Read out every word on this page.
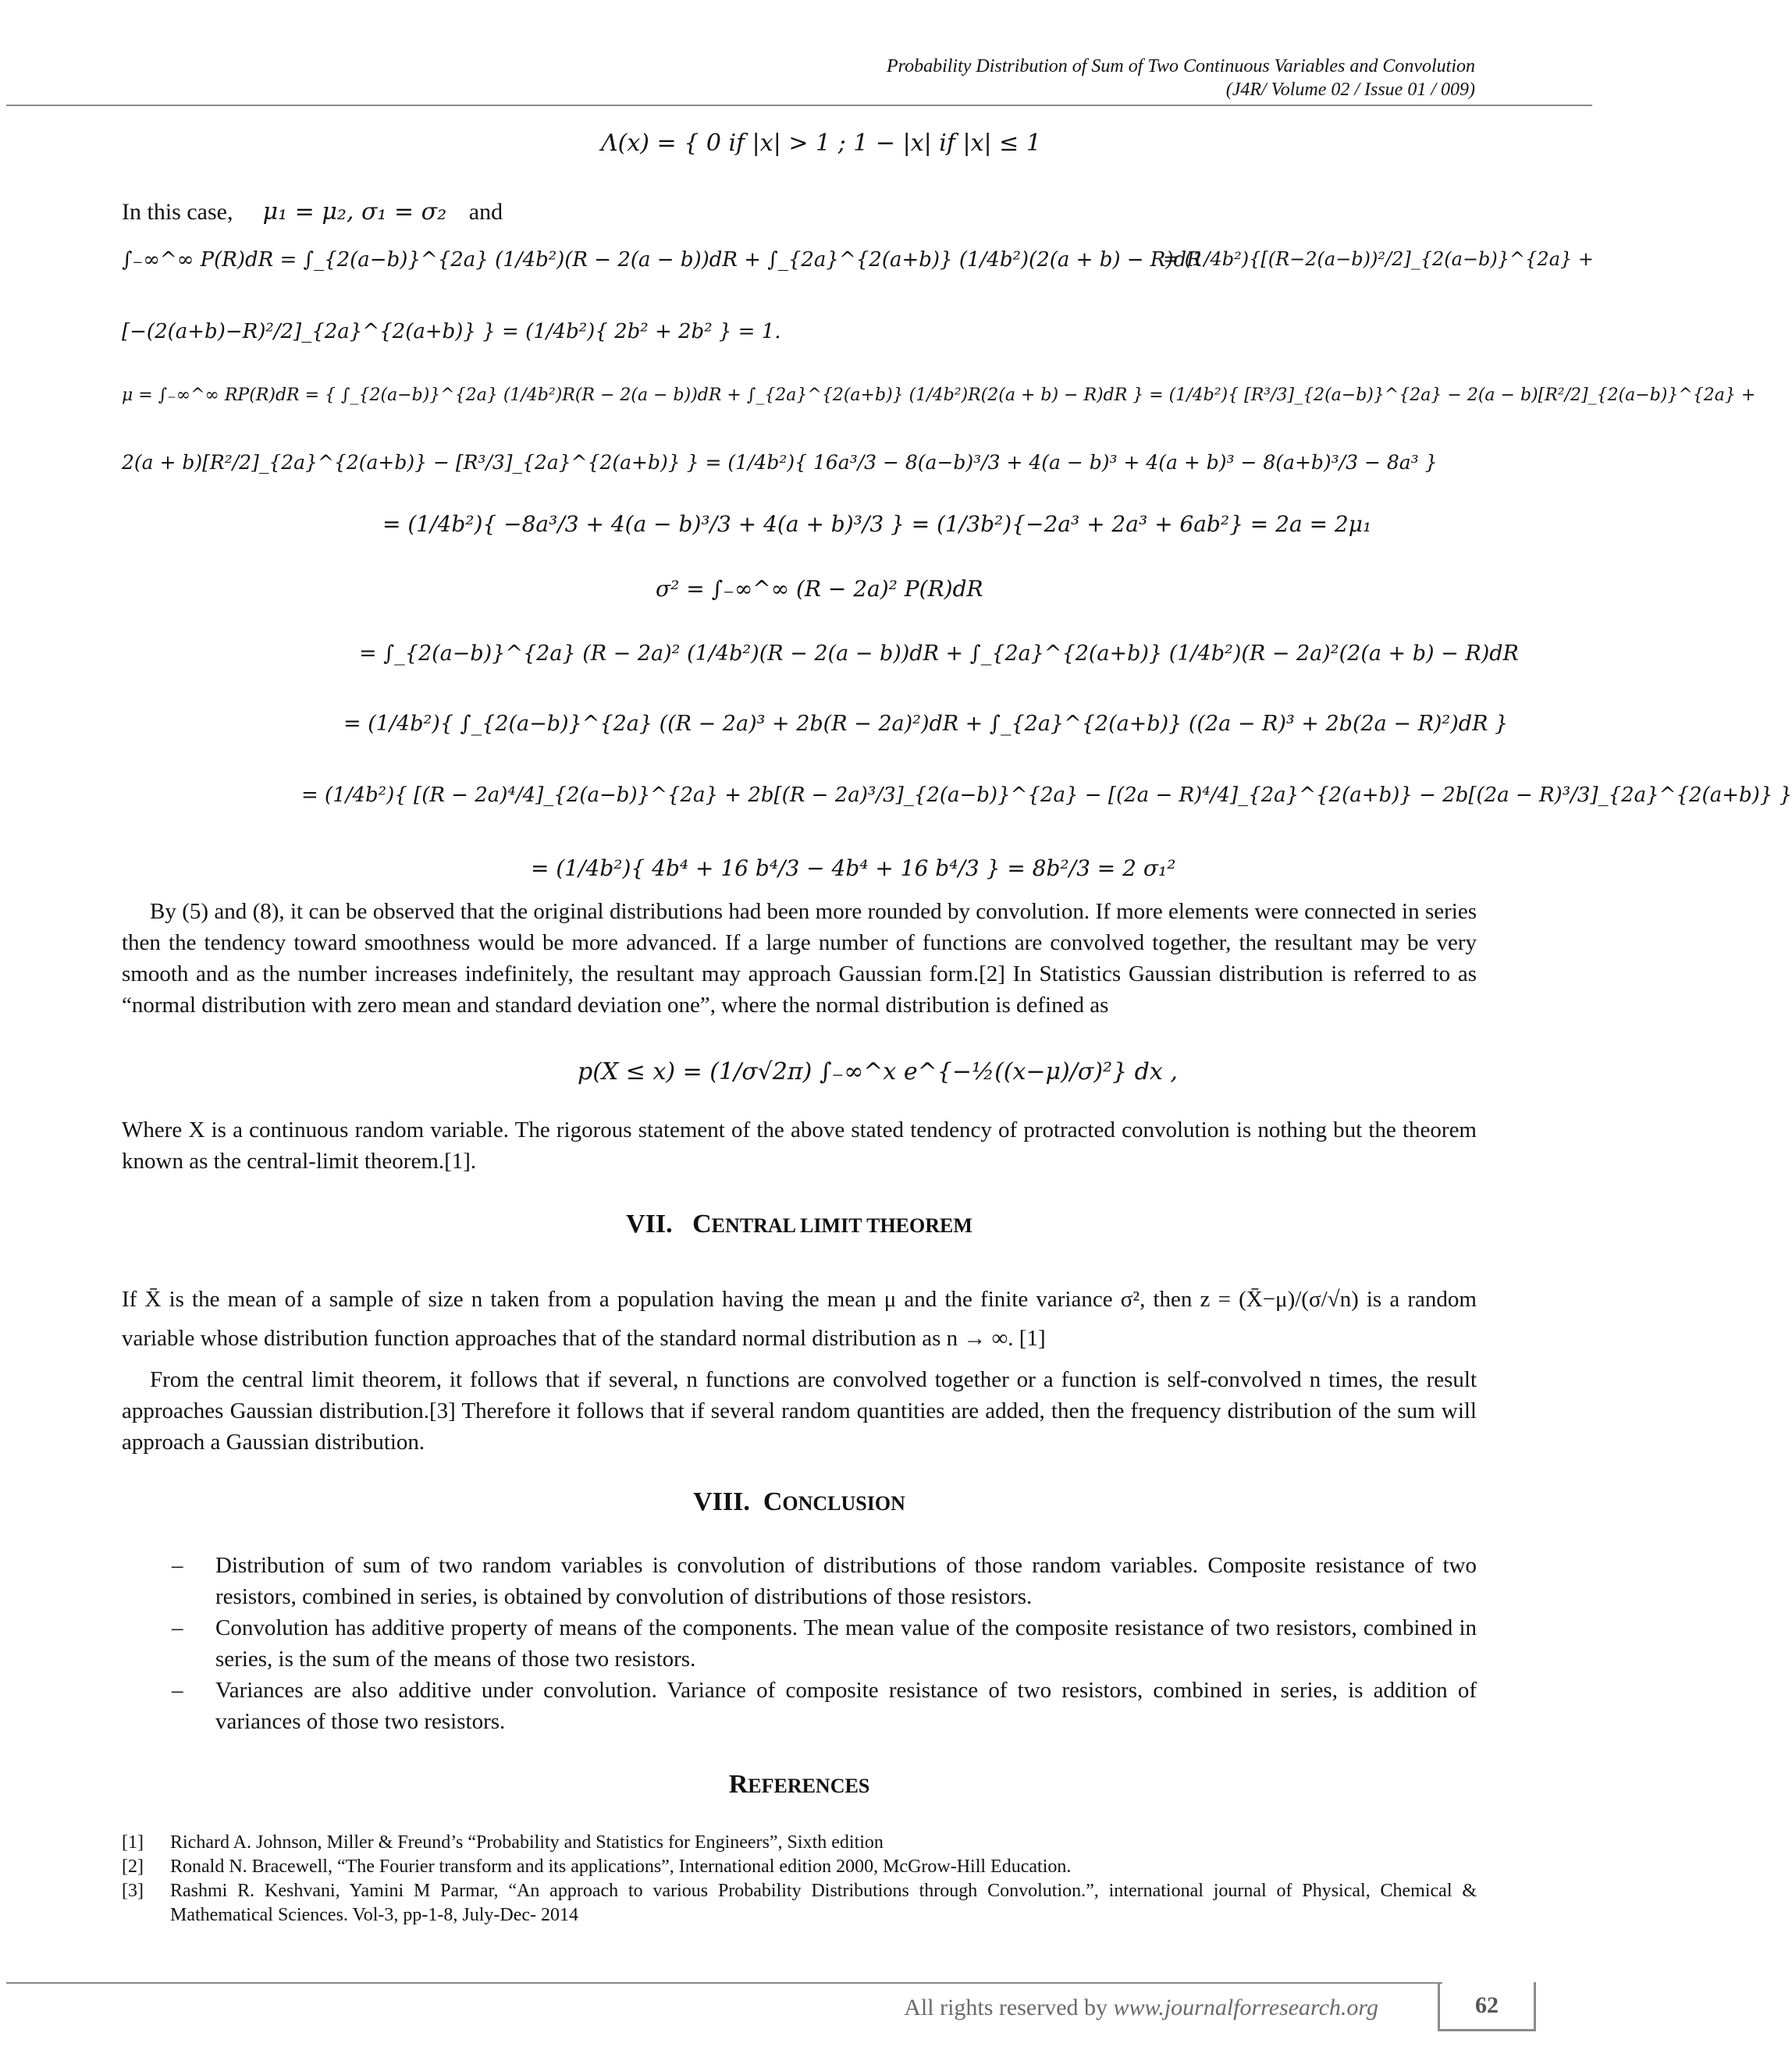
Probability Distribution of Sum of Two Continuous Variables and Convolution
(J4R/ Volume 02 / Issue 01 / 009)
Λ(x) = { 0 if |x| > 1 ; 1 − |x| if |x| ≤ 1
In this case, μ₁ = μ₂, σ₁ = σ₂ and
∫₋∞^∞ P(R)dR = ∫_{2(a−b)}^{2a} (1/4b²)(R − 2(a − b))dR + ∫_{2a}^{2(a+b)} (1/4b²)(2(a + b) − R)dR
= (1/4b²){[(R−2(a−b))²/2]_{2(a−b)}^{2a} +
[−(2(a+b)−R)²/2]_{2a}^{2(a+b)} } = (1/4b²){ 2b² + 2b² } = 1.
μ = ∫₋∞^∞ RP(R)dR = { ∫_{2(a−b)}^{2a} (1/4b²)R(R − 2(a − b))dR + ∫_{2a}^{2(a+b)} (1/4b²)R(2(a + b) − R)dR } = (1/4b²){ [R³/3]_{2(a−b)}^{2a} − 2(a − b)[R²/2]_{2(a−b)}^{2a} +
2(a + b)[R²/2]_{2a}^{2(a+b)} − [R³/3]_{2a}^{2(a+b)} } = (1/4b²){ 16a³/3 − 8(a−b)³/3 + 4(a − b)³ + 4(a + b)³ − 8(a+b)³/3 − 8a³ }
= (1/4b²){ −8a³/3 + 4(a − b)³/3 + 4(a + b)³/3 } = (1/3b²){−2a³ + 2a³ + 6ab²} = 2a = 2μ₁
σ² = ∫₋∞^∞ (R − 2a)² P(R)dR
= ∫_{2(a−b)}^{2a} (R − 2a)² (1/4b²)(R − 2(a − b))dR + ∫_{2a}^{2(a+b)} (1/4b²)(R − 2a)²(2(a + b) − R)dR
= (1/4b²){ ∫_{2(a−b)}^{2a} ((R − 2a)³ + 2b(R − 2a)²)dR + ∫_{2a}^{2(a+b)} ((2a − R)³ + 2b(2a − R)²)dR }
= (1/4b²){ [(R − 2a)⁴/4]_{2(a−b)}^{2a} + 2b[(R − 2a)³/3]_{2(a−b)}^{2a} − [(2a − R)⁴/4]_{2a}^{2(a+b)} − 2b[(2a − R)³/3]_{2a}^{2(a+b)} }
= (1/4b²){ 4b⁴ + 16 b⁴/3 − 4b⁴ + 16 b⁴/3 } = 8b²/3 = 2 σ₁²
By (5) and (8), it can be observed that the original distributions had been more rounded by convolution. If more elements were connected in series then the tendency toward smoothness would be more advanced. If a large number of functions are convolved together, the resultant may be very smooth and as the number increases indefinitely, the resultant may approach Gaussian form.[2] In Statistics Gaussian distribution is referred to as “normal distribution with zero mean and standard deviation one”, where the normal distribution is defined as
p(X ≤ x) = (1/σ√2π) ∫₋∞^x e^{−½((x−μ)/σ)²} dx ,
Where X is a continuous random variable. The rigorous statement of the above stated tendency of protracted convolution is nothing but the theorem known as the central-limit theorem.[1].
VII. CENTRAL LIMIT THEOREM
If X̄ is the mean of a sample of size n taken from a population having the mean μ and the finite variance σ², then z = (X̄−μ)/(σ/√n) is a random variable whose distribution function approaches that of the standard normal distribution as n → ∞. [1]
From the central limit theorem, it follows that if several, n functions are convolved together or a function is self-convolved n times, the result approaches Gaussian distribution.[3] Therefore it follows that if several random quantities are added, then the frequency distribution of the sum will approach a Gaussian distribution.
VIII. CONCLUSION
– Distribution of sum of two random variables is convolution of distributions of those random variables. Composite resistance of two resistors, combined in series, is obtained by convolution of distributions of those resistors.
– Convolution has additive property of means of the components. The mean value of the composite resistance of two resistors, combined in series, is the sum of the means of those two resistors.
– Variances are also additive under convolution. Variance of composite resistance of two resistors, combined in series, is addition of variances of those two resistors.
REFERENCES
[1] Richard A. Johnson, Miller & Freund’s “Probability and Statistics for Engineers”, Sixth edition
[2] Ronald N. Bracewell, “The Fourier transform and its applications”, International edition 2000, McGrow-Hill Education.
[3] Rashmi R. Keshvani, Yamini M Parmar, “An approach to various Probability Distributions through Convolution.”, international journal of Physical, Chemical & Mathematical Sciences. Vol-3, pp-1-8, July-Dec- 2014
All rights reserved by www.journalforresearch.org	62
